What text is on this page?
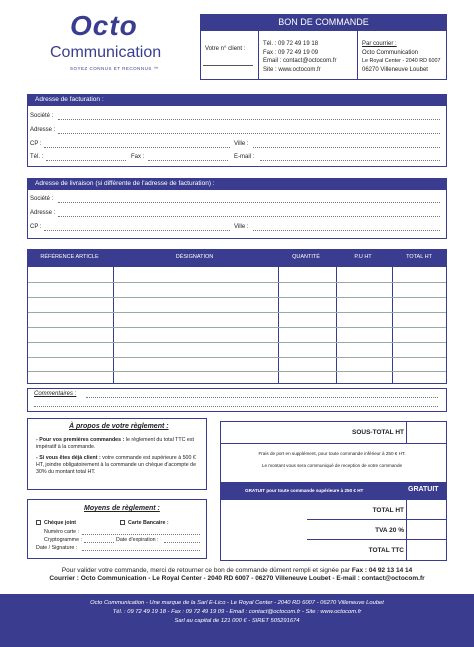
Octo
Communication
SOYEZ CONNUS ET RECONNUS ™
BON DE COMMANDE
Votre n° client :
Tél. : 09 72 49 19 18
Fax : 09 72 49 19 09
Email : contact@octocom.fr
Site : www.octocom.fr
Par courrier :
Octo Communication
Le Royal Center - 2040 RD 6007
06270 Villeneuve Loubet
Adresse de facturation :
Société :
Adresse :
CP :	Ville :
Tél. :	Fax :	E-mail :
Adresse de livraison (si différente de l'adresse de facturation) :
Société :
Adresse :
CP :	Ville :
RÉFÉRENCE ARTICLE	DÉSIGNATION	QUANTITÉ	P.U HT	TOTAL HT
Commentaires :
À propos de votre règlement :
- Pour vos premières commandes : le règlement du total TTC est impératif à la commande.
- Si vous êtes déjà client : votre commande est supérieure à 500 € HT, joindre obligatoirement à la commande un chèque d'acompte de 30% du montant total HT.
Moyens de règlement :
Chèque joint	Carte Bancaire :
Numéro carte :
Cryptogramme :	Date d'expiration :
Date / Signature :
SOUS-TOTAL HT
Frais de port en supplément, pour toute commande inférieur à 250 € HT.
Le montant vous sera communiqué de reception de votre commande
GRATUIT pour toute commande supérieure à 250 € HT	GRATUIT
TOTAL HT
TVA 20 %
TOTAL TTC
Pour valider votre commande, merci de retourner ce bon de commande dûment rempli et signée par Fax : 04 92 13 14 14
Courrier : Octo Communication - Le Royal Center - 2040 RD 6007 - 06270 Villeneuve Loubet - E-mail : contact@octocom.fr
Octo Communication - Une marque de la Sarl E-Lico - Le Royal Center - 2040 RD 6007 - 06270 Villeneuve Loubet
Tél. : 09 72 49 19 18 - Fax : 09 72 49 19 09 - Email : contact@octocom.fr - Site : www.octocom.fr
Sarl au capital de 121 000 € - SIRET 505291674
